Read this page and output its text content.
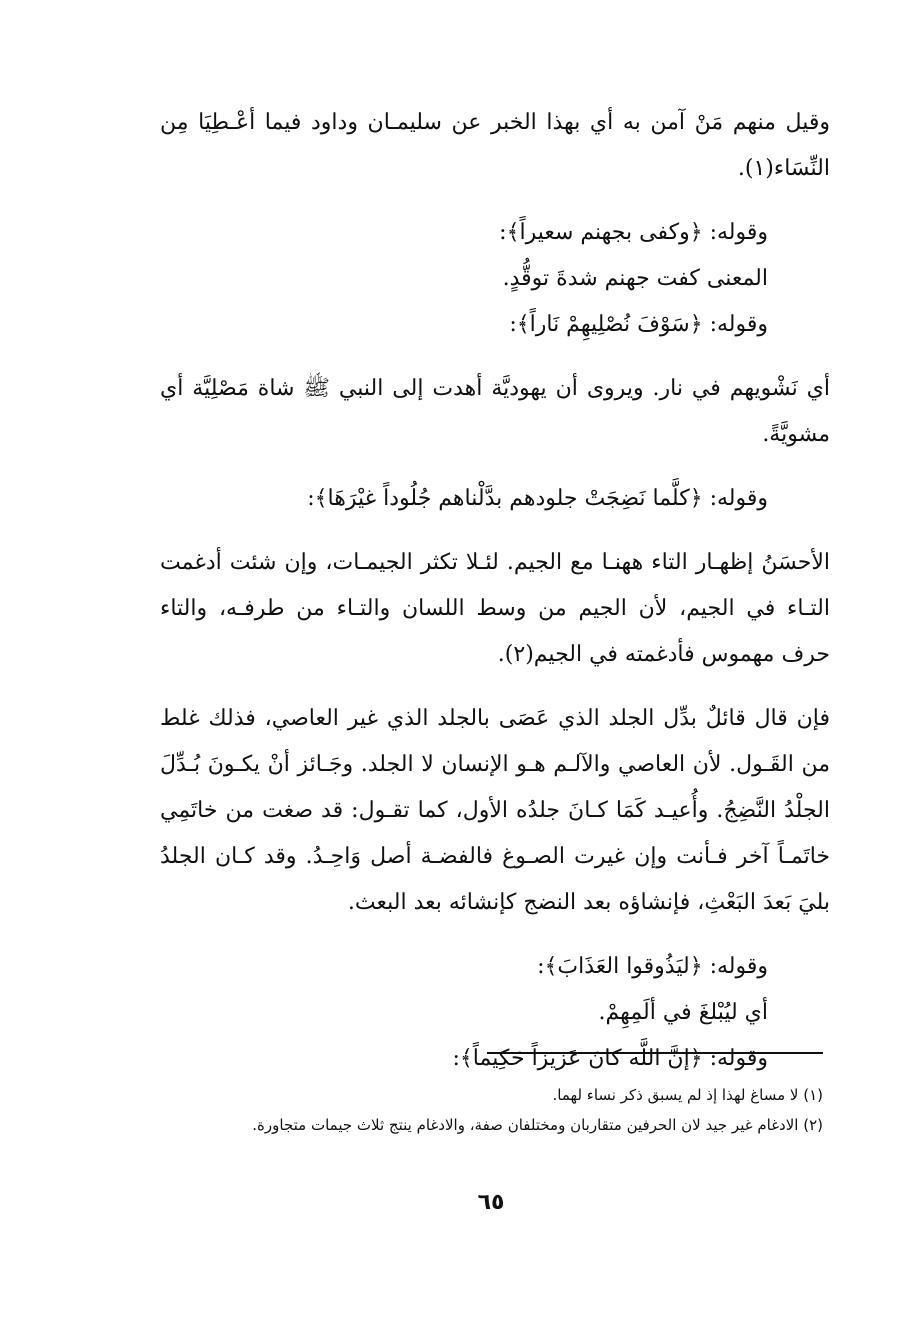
وقيل منهم مَنْ آمن به أي بهذا الخبر عن سليمـان وداود فيما أعْـطِيَا مِن النِّسَاء(١).

وقوله: ﴿وكفى بجهنم سعيراً﴾:
المعنى كفت جهنم شدةَ توقُّدٍ.
وقوله: ﴿سَوْفَ نُصْلِيهِمْ نَاراً﴾:

أي نَشْويهم في نار. ويروى أن يهوديَّة أهدت إلى النبي ﷺ شاة مَصْلِيَّة أي مشويَّةً.

وقوله: ﴿كلَّما نَضِجَتْ جلودهم بدَّلْناهم جُلُوداً غيْرَهَا﴾:

الأحسَنُ إظهـار التاء ههنـا مع الجيم. لئـلا تكثر الجيمـات، وإن شئت أدغمت التـاء في الجيم، لأن الجيم من وسط اللسان والتـاء من طرفـه، والتاء حرف مهموس فأدغمته في الجيم(٢).

فإن قال قائلٌ بدِّل الجلد الذي عَصَى بالجلد الذي غير العاصي، فذلك غلط من القَـول. لأن العاصي والآلـم هـو الإنسان لا الجلد. وجَـائز أنْ يكـونَ بُـدِّلَ الجلْدُ النَّضِجُ. وأُعيـد كَمَا كـانَ جلدُه الأول، كما تقـول: قد صغت من خاتَمِي خاتَمـاً آخر فـأنت وإن غيرت الصـوغ فالفضـة أصل وَاحِـدُ. وقد كـان الجلدُ بليَ بَعدَ البَعْثِ، فإنشاؤه بعد النضج كإنشائه بعد البعث.

وقوله: ﴿ليَذُوقوا العَذَابَ﴾:
أي ليُبْلغَ في ألَمِهِمْ.
وقوله: ﴿إنَّ اللَّه كانَ عَزيزاً حَكِيماً﴾:

(١) لا مساغ لهذا إذ لم يسبق ذكر نساء لهما.

(٢) الادغام غير جيد لان الحرفين متقاربان ومختلفان صفة، والادغام ينتج ثلاث جيمات متجاورة.

٦٥
